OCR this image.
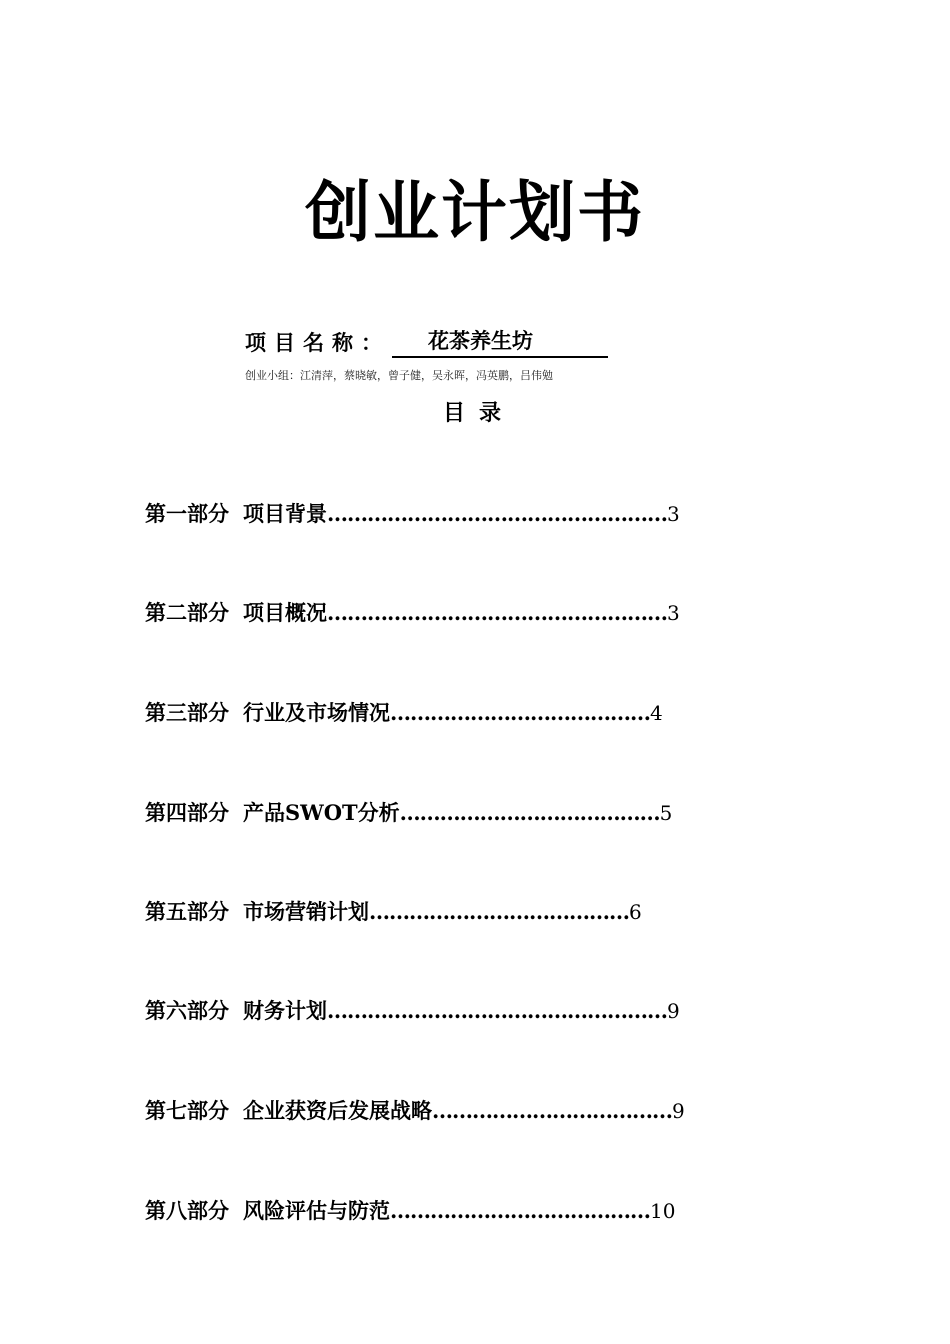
创业计划书
项目名称：	花茶养生坊
创业小组：江清萍，蔡晓敏，曾子健，吴永晖，冯英鹏，吕伟勉
目录
第一部分 项目背景……………………………………………3
第二部分 项目概况……………………………………………3
第三部分 行业及市场情况…………………………………4
第四部分 产品SWOT分析…………………………………5
第五部分 市场营销计划…………………………………6
第六部分 财务计划……………………………………………9
第七部分 企业获资后发展战略………………………………9
第八部分 风险评估与防范…………………………………10
